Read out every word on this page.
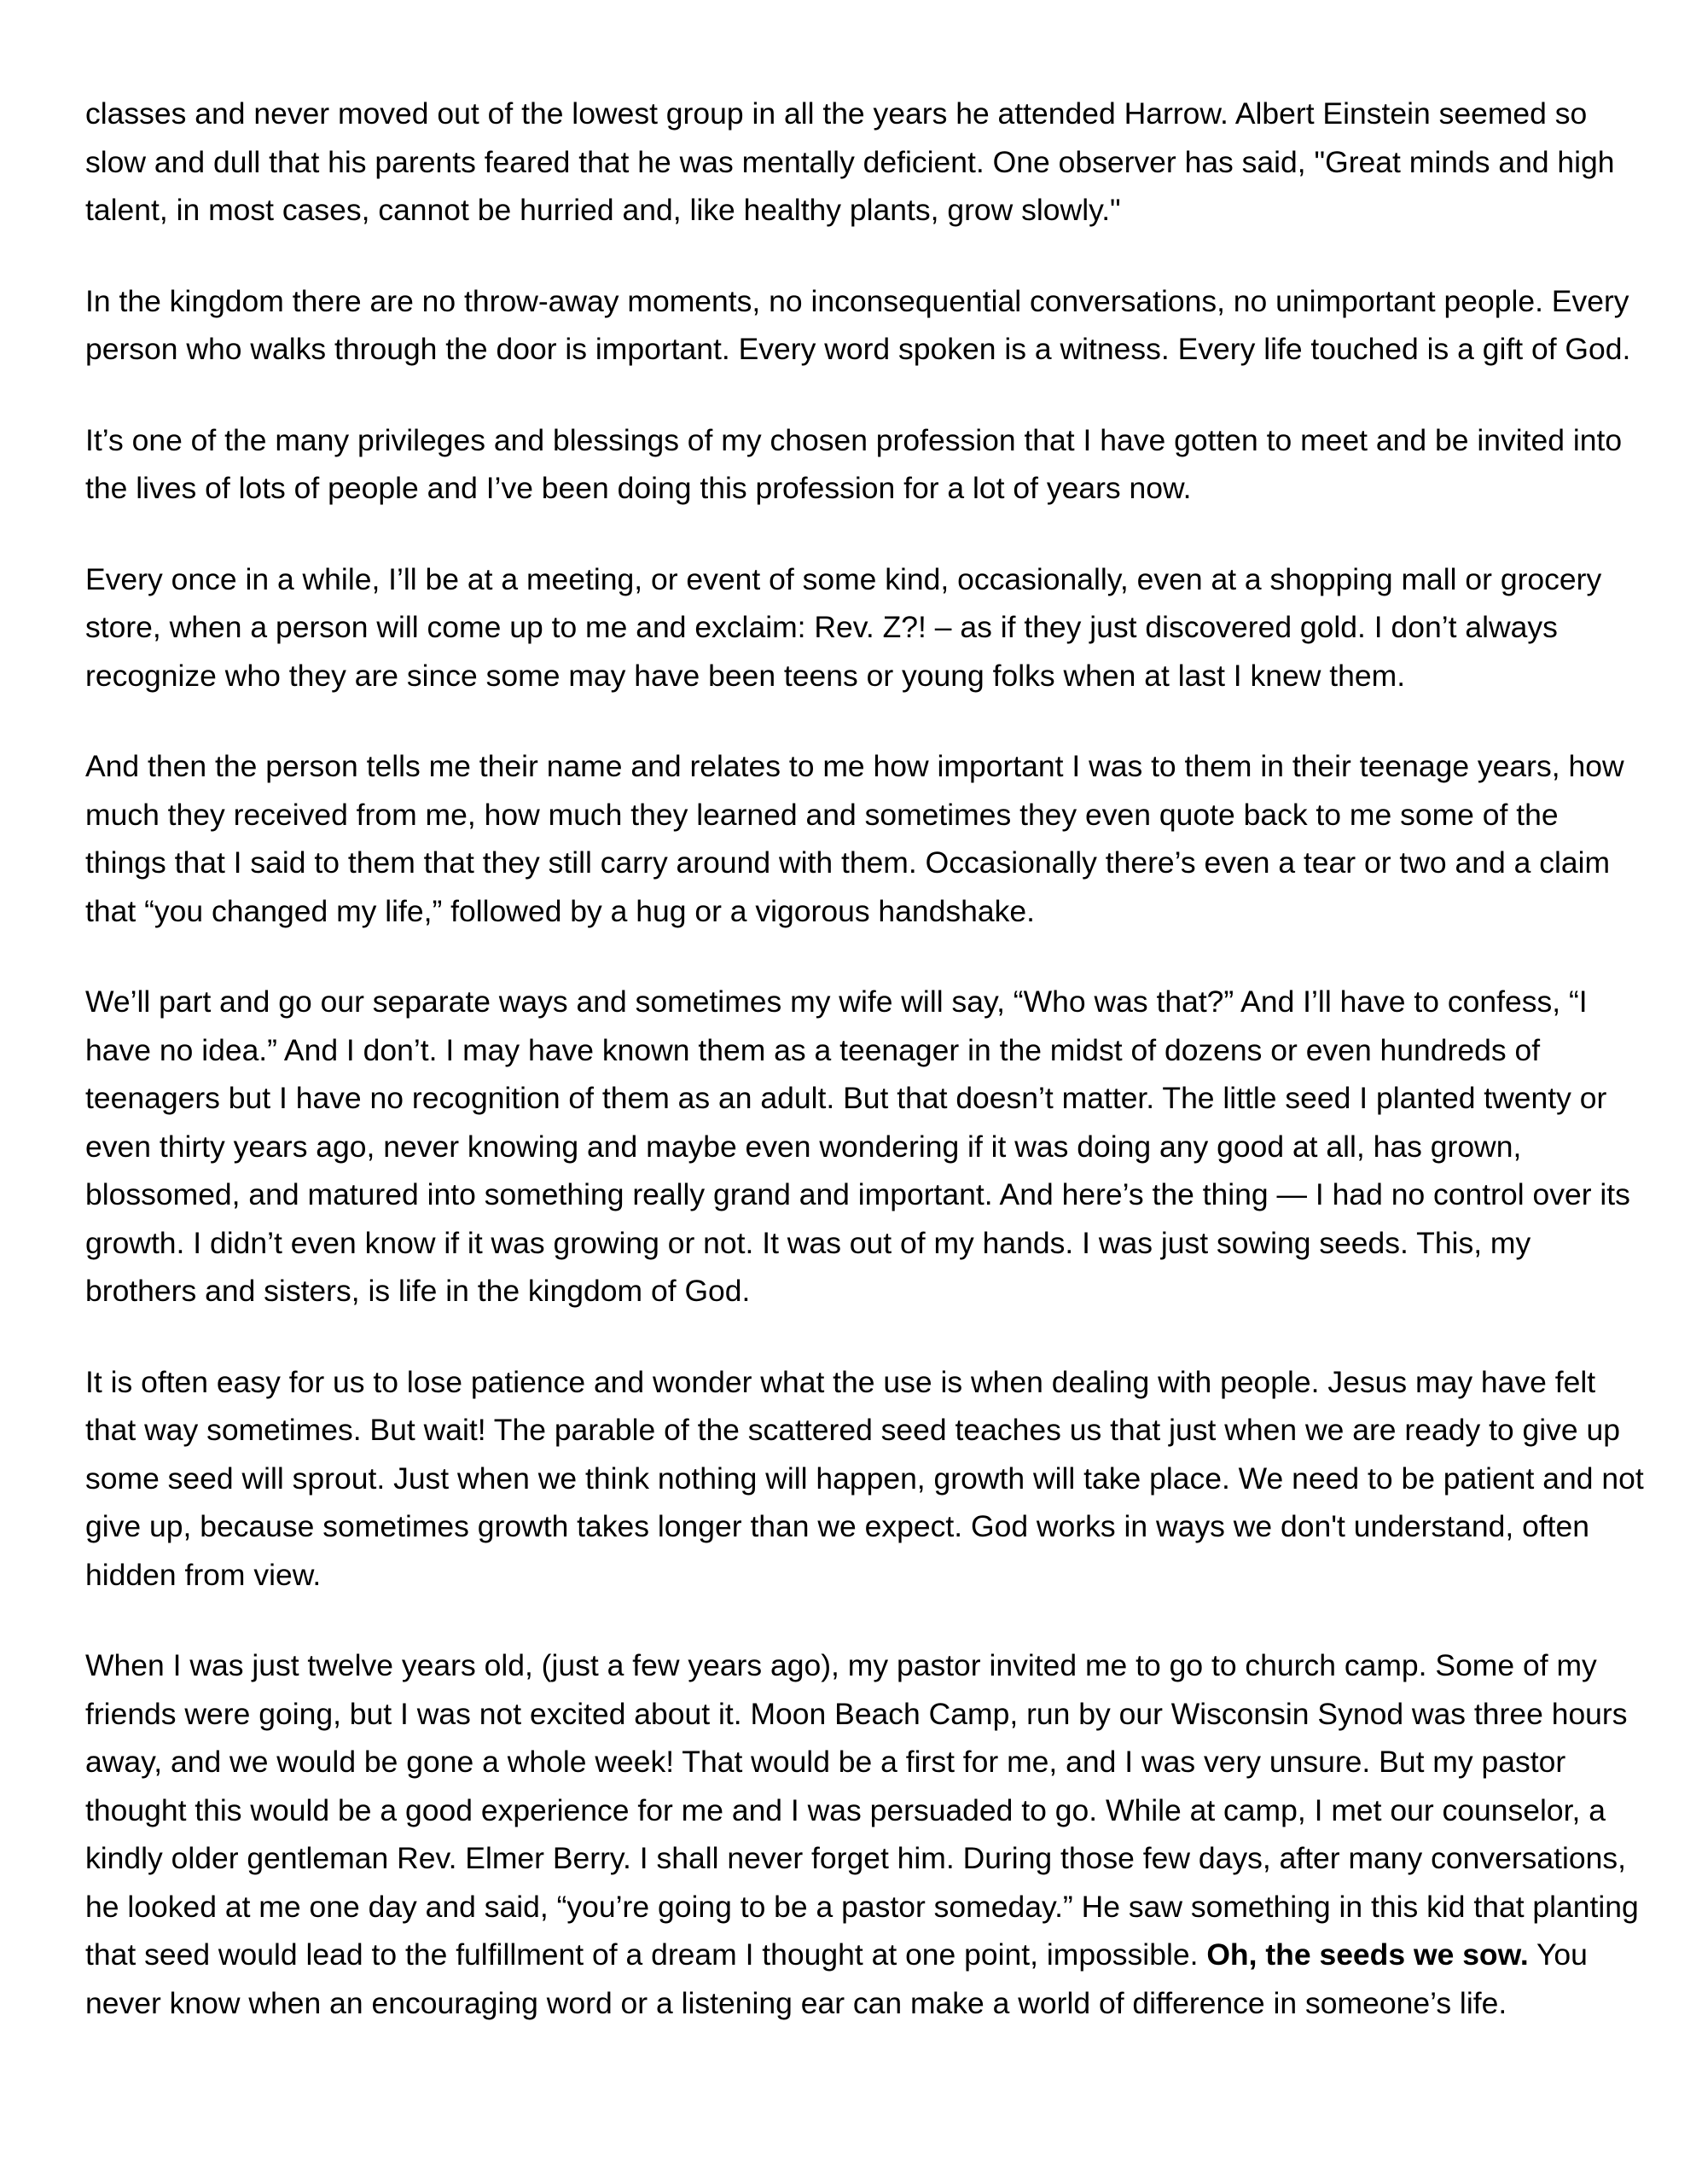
classes and never moved out of the lowest group in all the years he attended Harrow. Albert Einstein seemed so slow and dull that his parents feared that he was mentally deficient. One observer has said, "Great minds and high talent, in most cases, cannot be hurried and, like healthy plants, grow slowly."

In the kingdom there are no throw-away moments, no inconsequential conversations, no unimportant people. Every person who walks through the door is important. Every word spoken is a witness. Every life touched is a gift of God.

It’s one of the many privileges and blessings of my chosen profession that I have gotten to meet and be invited into the lives of lots of people and I’ve been doing this profession for a lot of years now.

Every once in a while, I’ll be at a meeting, or event of some kind, occasionally, even at a shopping mall or grocery store, when a person will come up to me and exclaim: Rev. Z?! – as if they just discovered gold. I don’t always recognize who they are since some may have been teens or young folks when at last I knew them.

And then the person tells me their name and relates to me how important I was to them in their teenage years, how much they received from me, how much they learned and sometimes they even quote back to me some of the things that I said to them that they still carry around with them. Occasionally there’s even a tear or two and a claim that “you changed my life,” followed by a hug or a vigorous handshake.

We’ll part and go our separate ways and sometimes my wife will say, “Who was that?” And I’ll have to confess, “I have no idea.” And I don’t. I may have known them as a teenager in the midst of dozens or even hundreds of teenagers but I have no recognition of them as an adult. But that doesn’t matter. The little seed I planted twenty or even thirty years ago, never knowing and maybe even wondering if it was doing any good at all, has grown, blossomed, and matured into something really grand and important. And here’s the thing — I had no control over its growth. I didn’t even know if it was growing or not. It was out of my hands. I was just sowing seeds. This, my brothers and sisters, is life in the kingdom of God.

It is often easy for us to lose patience and wonder what the use is when dealing with people. Jesus may have felt that way sometimes. But wait! The parable of the scattered seed teaches us that just when we are ready to give up some seed will sprout. Just when we think nothing will happen, growth will take place. We need to be patient and not give up, because sometimes growth takes longer than we expect. God works in ways we don't understand, often hidden from view.

When I was just twelve years old, (just a few years ago), my pastor invited me to go to church camp. Some of my friends were going, but I was not excited about it. Moon Beach Camp, run by our Wisconsin Synod was three hours away, and we would be gone a whole week! That would be a first for me, and I was very unsure. But my pastor thought this would be a good experience for me and I was persuaded to go. While at camp, I met our counselor, a kindly older gentleman Rev. Elmer Berry. I shall never forget him. During those few days, after many conversations, he looked at me one day and said, “you’re going to be a pastor someday.” He saw something in this kid that planting that seed would lead to the fulfillment of a dream I thought at one point, impossible. Oh, the seeds we sow. You never know when an encouraging word or a listening ear can make a world of difference in someone’s life.
